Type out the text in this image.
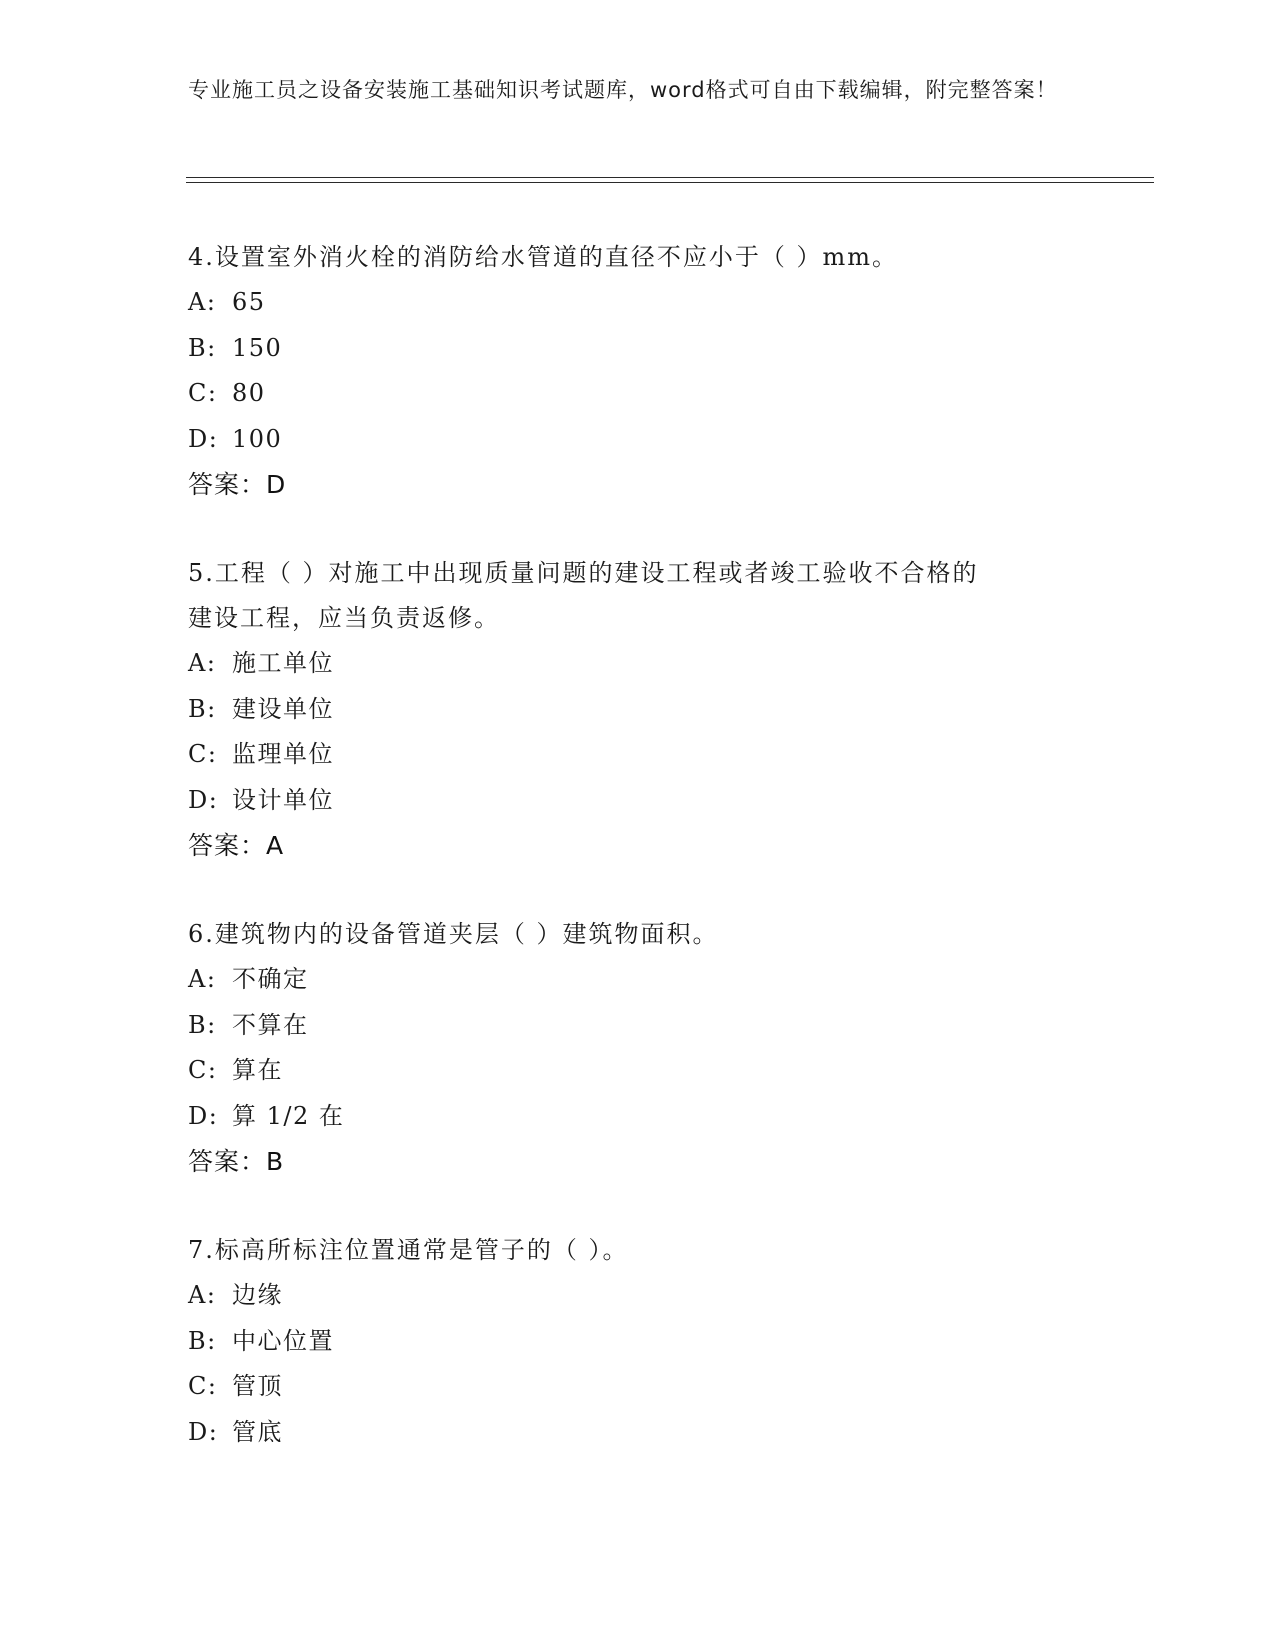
专业施工员之设备安装施工基础知识考试题库，word格式可自由下载编辑，附完整答案！
4.设置室外消火栓的消防给水管道的直径不应小于（ ）mm。
A: 65
B: 150
C: 80
D: 100
答案：D
5.工程（ ）对施工中出现质量问题的建设工程或者竣工验收不合格的
建设工程，应当负责返修。
A: 施工单位
B: 建设单位
C: 监理单位
D: 设计单位
答案：A
6.建筑物内的设备管道夹层（ ）建筑物面积。
A: 不确定
B: 不算在
C: 算在
D: 算 1/2 在
答案：B
7.标高所标注位置通常是管子的（ ）。
A: 边缘
B: 中心位置
C: 管顶
D: 管底
